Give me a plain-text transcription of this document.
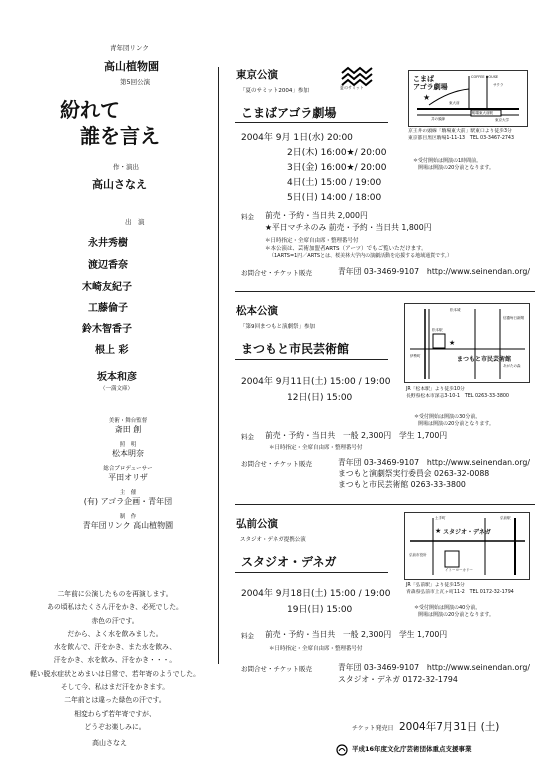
青年団リンク
高山植物園
第5回公演
紛れて
誰を言え
作・演出
高山さなえ
出　演
永井秀樹
渡辺香奈
木崎友紀子
工藤倫子
鈴木智香子
根上 彩
坂本和彦
（一満文庫）
美術・舞台監督
斎田 創
照　明
松本明奈
総合プロデューサー
平田オリザ
主　催
(有) アゴラ企画・青年団
制　作
青年団リンク 高山植物園
二年前に公演したものを再演します。
あの頃私はたくさん汗をかき、必死でした。
赤色の汗です。
だから、よく水を飲みました。
水を飲んで、汗をかき、また水を飲み、
汗をかき、水を飲み、汗をかき・・・。
軽い脱水症状とめまいは日常で、若年寄のようでした。
そして今、私はまだ汗をかきます。
二年前とは違った緑色の汗です。
相変わらず若年寄ですが、
どうぞお楽しみに。
高山さなえ
東京公演
「夏のサミット2004」参加
夏のサミット
こまばアゴラ劇場
2004年 9月 1日(水) 20:00
2日(木) 16:00★/ 20:00
3日(金) 16:00★/ 20:00
4日(土) 15:00 / 19:00
5日(日) 14:00 / 18:00
こまば
アゴラ劇場
★
COFFEE HOUSE
サクラ
東大前
駒場東大前駅
井の頭線	東京大学
京王井の頭線「駒場東大前」駅東口より徒歩3分
東京都目黒区駒場1-11-13　TEL 03-3467-2743
＊受付開始は開演の1時間前。
開場は開演の20分前となります。
料金 前売・予約・当日共 2,000円
★平日マチネのみ 前売・予約・当日共 1,800円
＊日時指定・全席自由席・整理番号付
＊本公演は、芸術加盟者ARTS（アーツ）でもご覧いただけます。
（1ARTS=1円／ARTSとは、桜美林大学内の演劇活動を応援する地域通貨です。）
お問合せ・チケット販売	青年団 03-3469-9107　http://www.seinendan.org/
松本公演
「第9回まつもと演劇祭」参加
まつもと市民芸術館
2004年 9月11日(土) 15:00 / 19:00
12日(日) 15:00
松本城
松本駅
信濃毎日新聞
伊勢町
あがたの森
★
まつもと市民芸術館
JR「松本駅」より徒歩10分
長野県松本市深志3-10-1　TEL 0263-33-3800
＊受付開始は開演の30分前。
開場は開演の20分前となります。
料金 前売・予約・当日共　一般 2,300円　学生 1,700円
＊日時指定・全席自由席・整理番号付
お問合せ・チケット販売	青年団 03-3469-9107　http://www.seinendan.org/
まつもと演劇祭実行委員会 0263-32-0088
まつもと市民芸術館 0263-33-3800
弘前公演
スタジオ・デネガ提携公演
スタジオ・デネガ
2004年 9月18日(土) 15:00 / 19:00
19日(日) 15:00
土手町	弘前駅
弘前市役所
イトーヨーカドー
★ スタジオ・デネガ
JR「弘前駅」より徒歩15分
青森県弘前市上瓦ヶ町11-2　TEL 0172-32-1794
＊受付開始は開演の40分前。
開場は開演の20分前となります。
料金 前売・予約・当日共　一般 2,300円　学生 1,700円
＊日時指定・全席自由席・整理番号付
お問合せ・チケット販売	青年団 03-3469-9107　http://www.seinendan.org/
スタジオ・デネガ 0172-32-1794
チケット発売日 2004年7月31日 (土)
平成16年度文化庁芸術団体重点支援事業
